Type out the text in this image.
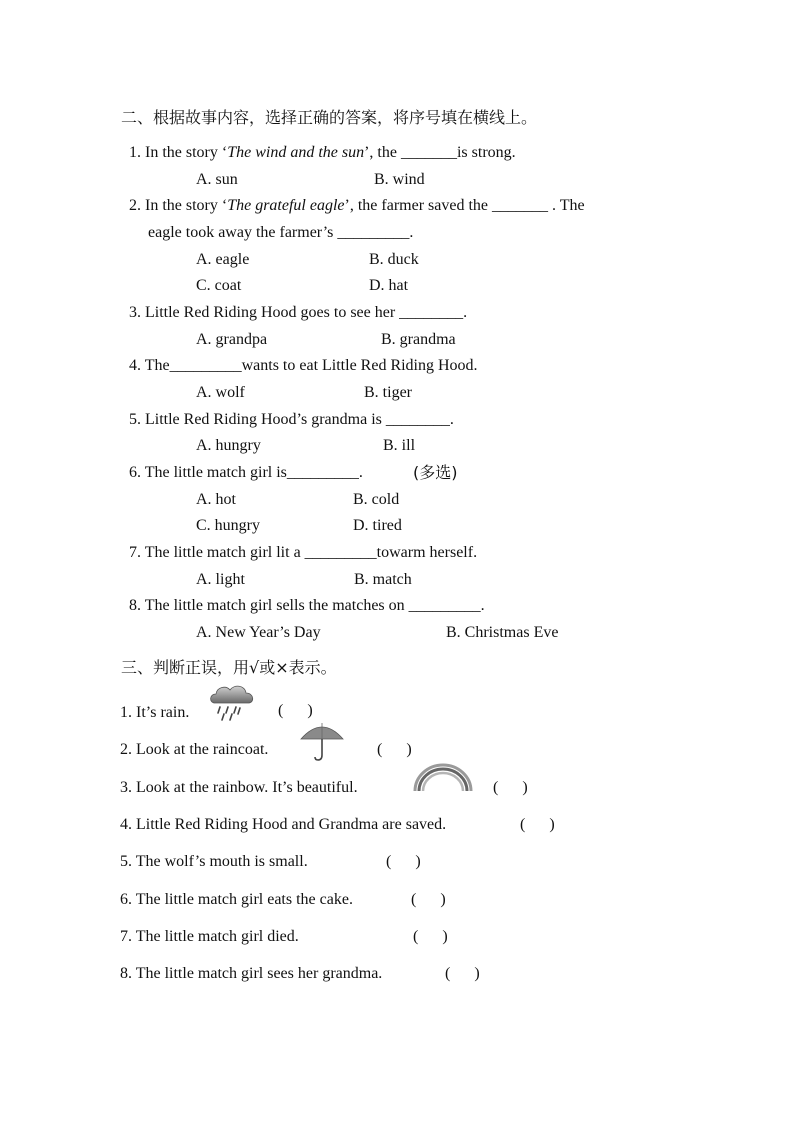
二、根据故事内容，选择正确的答案，将序号填在横线上。
1. In the story ‘The wind and the sun’, the _______is strong.
A. sun	B. wind
2. In the story ‘The grateful eagle’, the farmer saved the _______ . The
eagle took away the farmer’s _________.
A. eagle	B. duck
C. coat	D. hat
3. Little Red Riding Hood goes to see her ________.
A. grandpa	B. grandma
4. The_________wants to eat Little Red Riding Hood.
A. wolf	B. tiger
5. Little Red Riding Hood’s grandma is ________.
A. hungry	B. ill
6. The little match girl is_________.	(多选)
A. hot	B. cold
C. hungry	D. tired
7. The little match girl lit a _________towarm herself.
A. light	B. match
8. The little match girl sells the matches on _________.
A. New Year’s Day	B. Christmas Eve
三、判断正误，用√或×表示。
1. It’s rain.	(      )
2. Look at the raincoat.	(      )
3. Look at the rainbow. It’s beautiful.	(      )
4. Little Red Riding Hood and Grandma are saved.	(      )
5. The wolf’s mouth is small.	(      )
6. The little match girl eats the cake.	(      )
7. The little match girl died.	(      )
8. The little match girl sees her grandma.	(      )
